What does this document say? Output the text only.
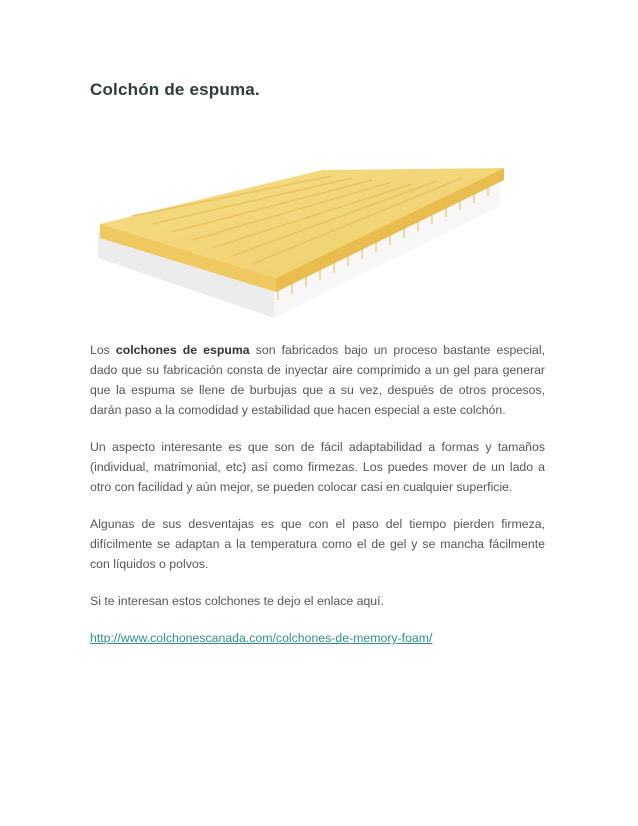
Colchón de espuma.

Los colchones de espuma son fabricados bajo un proceso bastante especial, dado que su fabricación consta de inyectar aire comprimido a un gel para generar que la espuma se llene de burbujas que a su vez, después de otros procesos, darán paso a la comodidad y estabilidad que hacen especial a este colchón.

Un aspecto interesante es que son de fácil adaptabilidad a formas y tamaños (individual, matrimonial, etc) así como firmezas. Los puedes mover de un lado a otro con facilidad y aún mejor, se pueden colocar casi en cualquier superficie.

Algunas de sus desventajas es que con el paso del tiempo pierden firmeza, difícilmente se adaptan a la temperatura como el de gel y se mancha fácilmente con líquidos o polvos.

Si te interesan estos colchones te dejo el enlace aquí.

http://www.colchonescanada.com/colchones-de-memory-foam/
